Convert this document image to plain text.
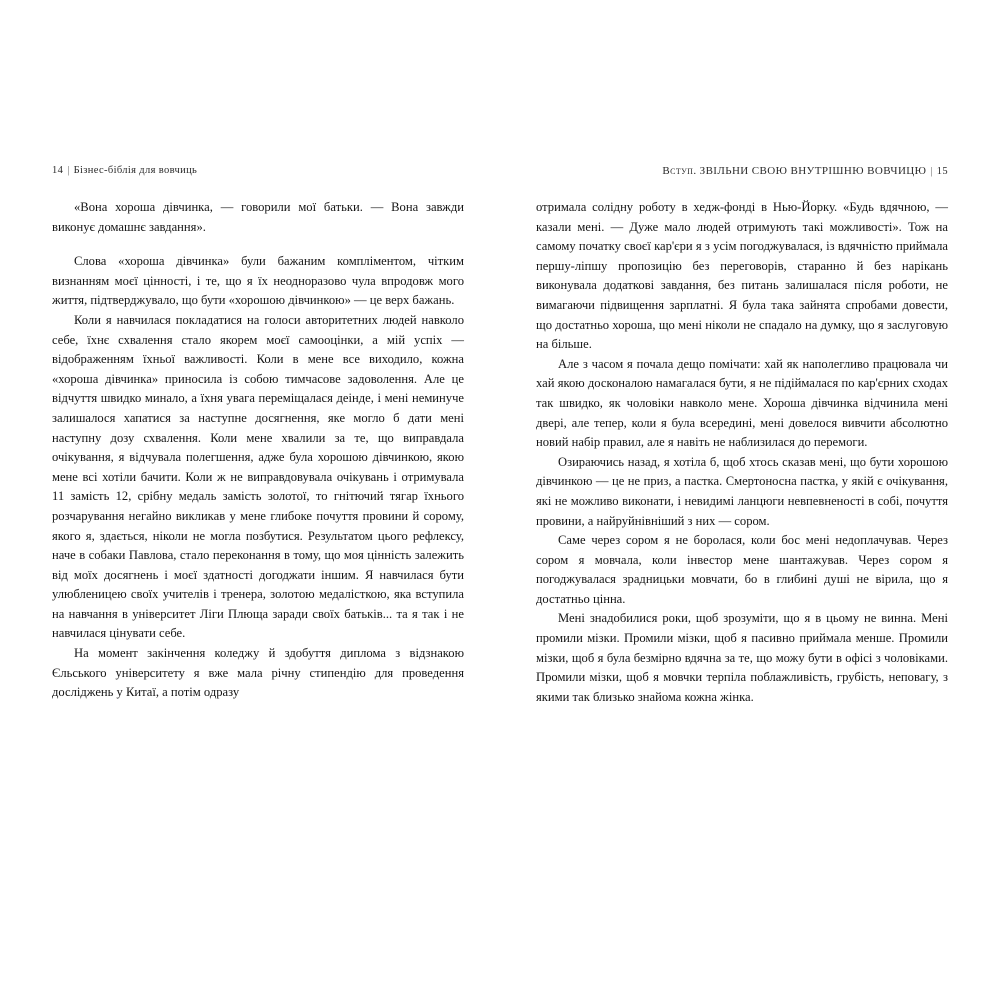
14 | Бізнес-біблія для вовчиць

«Вона хороша дівчинка, — говорили мої батьки. — Вона завжди виконує домашнє завдання».

Слова «хороша дівчинка» були бажаним компліментом, чітким визнанням моєї цінності, і те, що я їх неодноразово чула впродовж мого життя, підтверджувало, що бути «хорошою дівчинкою» — це верх бажань.

Коли я навчилася покладатися на голоси авторитетних людей навколо себе, їхнє схвалення стало якорем моєї самооцінки, а мій успіх — відображенням їхньої важливості. Коли в мене все виходило, кожна «хороша дівчинка» приносила із собою тимчасове задоволення. Але це відчуття швидко минало, а їхня увага переміщалася деінде, і мені неминуче залишалося хапатися за наступне досягнення, яке могло б дати мені наступну дозу схвалення. Коли мене хвалили за те, що виправдала очікування, я відчувала полегшення, адже була хорошою дівчинкою, якою мене всі хотіли бачити. Коли ж не виправдовувала очікувань і отримувала 11 замість 12, срібну медаль замість золотої, то гнітючий тягар їхнього розчарування негайно викликав у мене глибоке почуття провини й сорому, якого я, здається, ніколи не могла позбутися. Результатом цього рефлексу, наче в собаки Павлова, стало переконання в тому, що моя цінність залежить від моїх досягнень і моєї здатності догоджати іншим. Я навчилася бути улюбленицею своїх учителів і тренера, золотою медалісткою, яка вступила на навчання в університет Ліги Плюща заради своїх батьків... та я так і не навчилася цінувати себе.

На момент закінчення коледжу й здобуття диплома з відзнакою Єльського університету я вже мала річну стипендію для проведення досліджень у Китаї, а потім одразу

Вступ. ЗВІЛЬНИ СВОЮ ВНУТРІШНЮ ВОВЧИЦЮ | 15

отримала солідну роботу в хедж-фонді в Нью-Йорку. «Будь вдячною, — казали мені. — Дуже мало людей отримують такі можливості». Тож на самому початку своєї кар'єри я з усім погоджувалася, із вдячністю приймала першу-ліпшу пропозицію без переговорів, старанно й без нарікань виконувала додаткові завдання, без питань залишалася після роботи, не вимагаючи підвищення зарплатні. Я була така зайнята спробами довести, що достатньо хороша, що мені ніколи не спадало на думку, що я заслуговую на більше.

Але з часом я почала дещо помічати: хай як наполегливо працювала чи хай якою досконалою намагалася бути, я не підіймалася по кар'єрних сходах так швидко, як чоловіки навколо мене. Хороша дівчинка відчинила мені двері, але тепер, коли я була всередині, мені довелося вивчити абсолютно новий набір правил, але я навіть не наблизилася до перемоги.

Озираючись назад, я хотіла б, щоб хтось сказав мені, що бути хорошою дівчинкою — це не приз, а пастка. Смертоносна пастка, у якій є очікування, які не можливо виконати, і невидимі ланцюги невпевненості в собі, почуття провини, а найруйнівніший з них — сором.

Саме через сором я не боролася, коли бос мені недоплачував. Через сором я мовчала, коли інвестор мене шантажував. Через сором я погоджувалася зрадницьки мовчати, бо в глибині душі не вірила, що я достатньо цінна.

Мені знадобилися роки, щоб зрозуміти, що я в цьому не винна. Мені промили мізки. Промили мізки, щоб я пасивно приймала менше. Промили мізки, щоб я була безмірно вдячна за те, що можу бути в офісі з чоловіками. Промили мізки, щоб я мовчки терпіла поблажливість, грубість, неповагу, з якими так близько знайома кожна жінка.
